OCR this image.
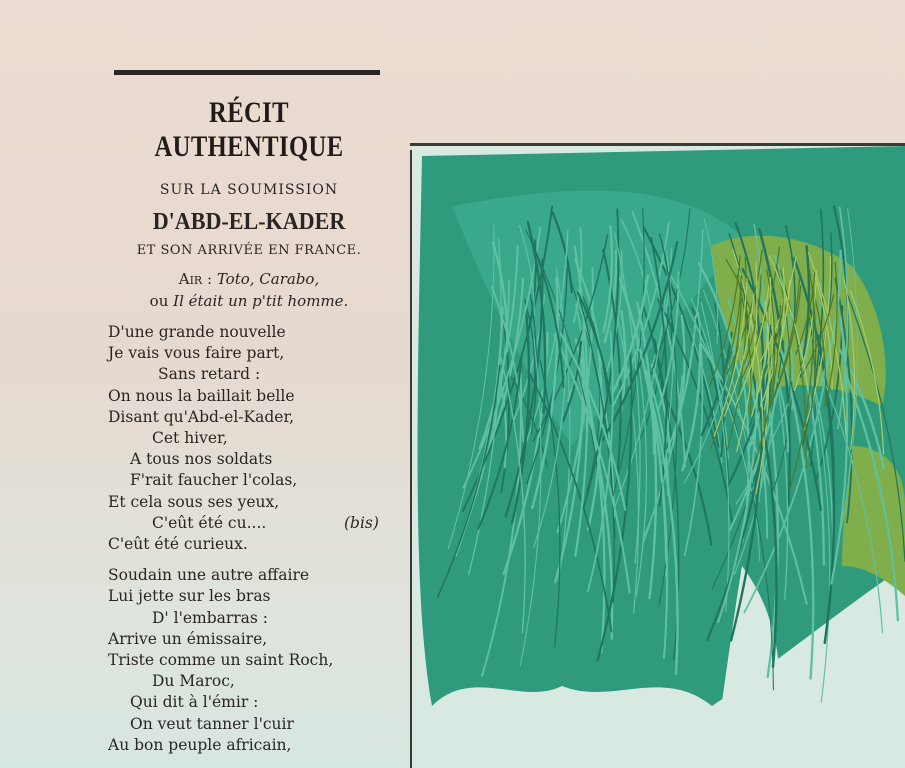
RÉCIT AUTHENTIQUE
SUR LA SOUMISSION
D'ABD-EL-KADER
ET SON ARRIVÉE EN FRANCE.
Air : Toto, Carabo,
ou Il était un p'tit homme.
D'une grande nouvelle
Je vais vous faire part,
Sans retard :
On nous la baillait belle
Disant qu'Abd-el-Kader,
Cet hiver,
A tous nos soldats
F'rait faucher l'colas,
Et cela sous ses yeux,
C'eût été cu....	(bis)
C'eût été curieux.
Soudain une autre affaire
Lui jette sur les bras
D' l'embarras :
Arrive un émissaire,
Triste comme un saint Roch,
Du Maroc,
Qui dit à l'émir :
On veut tanner l'cuir
Au bon peuple africain,
